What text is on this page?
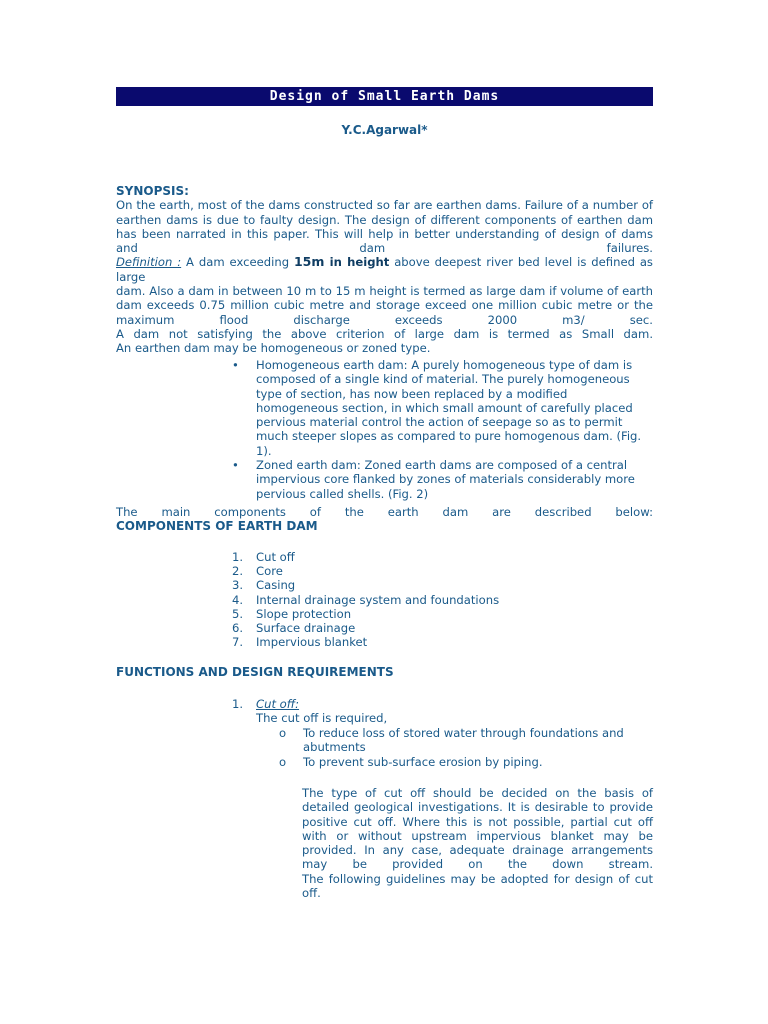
Design of Small Earth Dams
Y.C.Agarwal*
SYNOPSIS:

On the earth, most of the dams constructed so far are earthen dams. Failure of a number of

earthen dams is due to faulty design. The design of different components of earthen dam

has been narrated in this paper. This will help in better understanding of design of dams

and dam failures.

Definition : A dam exceeding 15m in height above deepest river bed level is defined as large

dam. Also a dam in between 10 m to 15 m height is termed as large dam if volume of earth

dam exceeds 0.75 million cubic metre and storage exceed one million cubic metre or the

maximum flood discharge exceeds 2000 m3/ sec.

A dam not satisfying the above criterion of large dam is termed as Small dam.

An earthen dam may be homogeneous or zoned type.

• Homogeneous earth dam: A purely homogeneous type of dam is composed of a single kind of material. The purely homogeneous type of section, has now been replaced by a modified homogeneous section, in which small amount of carefully placed pervious material control the action of seepage so as to permit much steeper slopes as compared to pure homogenous dam. (Fig. 1).
• Zoned earth dam: Zoned earth dams are composed of a central impervious core flanked by zones of materials considerably more pervious called shells. (Fig. 2)

The main components of the earth dam are described below:

COMPONENTS OF EARTH DAM
1. Cut off
2. Core
3. Casing
4. Internal drainage system and foundations
5. Slope protection
6. Surface drainage
7. Impervious blanket
FUNCTIONS AND DESIGN REQUIREMENTS
1. Cut off:
The cut off is required,
o To reduce loss of stored water through foundations and abutments
o To prevent sub-surface erosion by piping.

The type of cut off should be decided on the basis of

detailed geological investigations. It is desirable to provide

positive cut off. Where this is not possible, partial cut off

with or without upstream impervious blanket may be

provided. In any case, adequate drainage arrangements

may be provided on the down stream.

The following guidelines may be adopted for design of cut

off.
